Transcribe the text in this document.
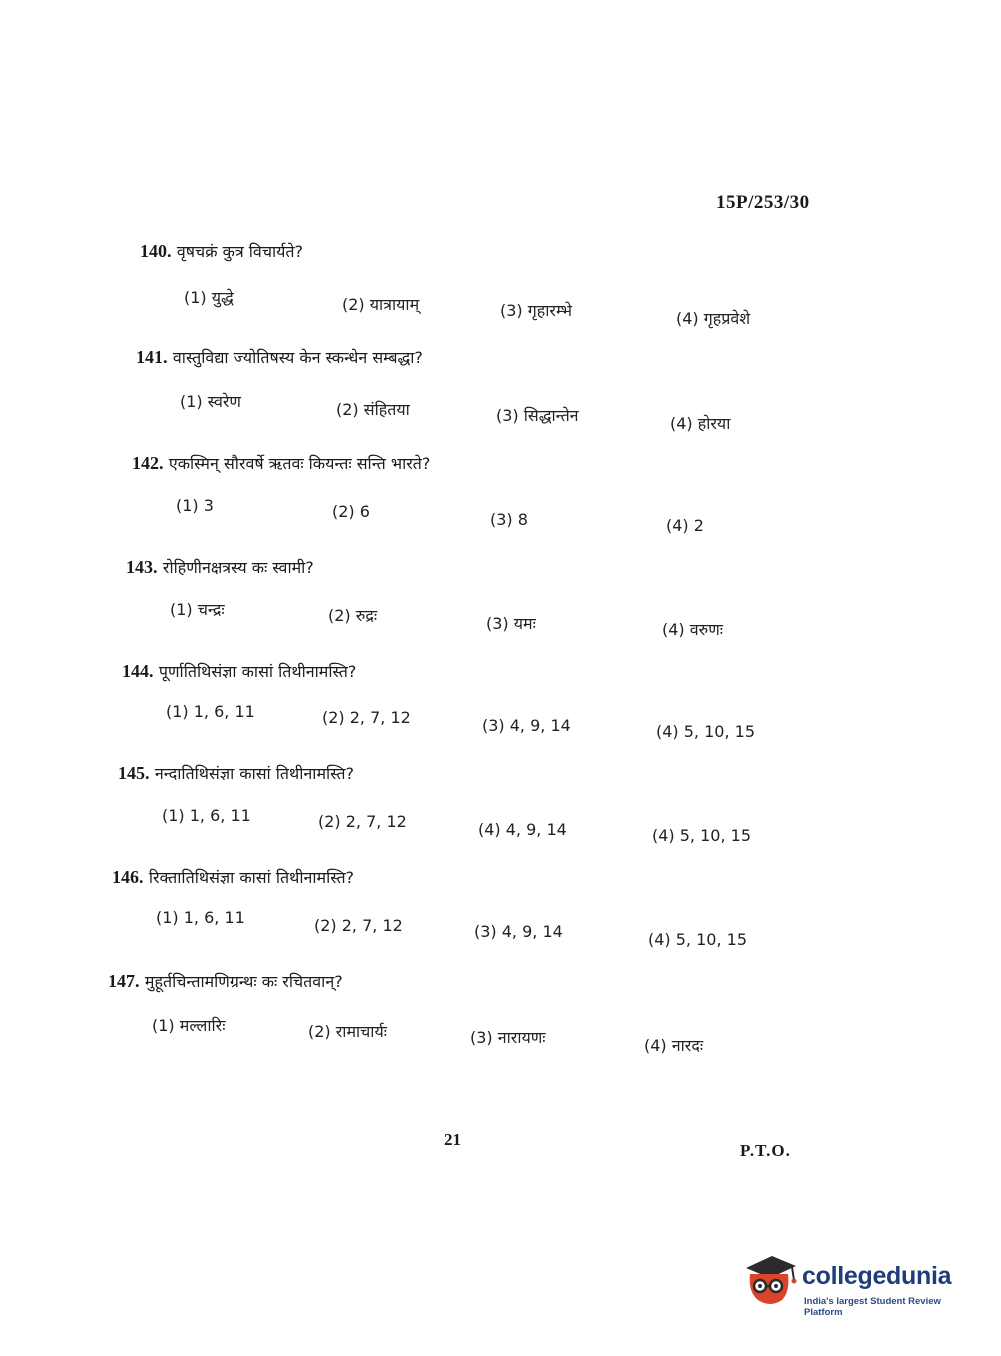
15P/253/30
140. वृषचक्रं कुत्र विचार्यते?
(1) युद्धे	(2) यात्रायाम्	(3) गृहारम्भे	(4) गृहप्रवेशे
141. वास्तुविद्या ज्योतिषस्य केन स्कन्धेन सम्बद्धा?
(1) स्वरेण	(2) संहितया	(3) सिद्धान्तेन	(4) होरया
142. एकस्मिन् सौरवर्षे ऋतवः कियन्तः सन्ति भारते?
(1) 3	(2) 6	(3) 8	(4) 2
143. रोहिणीनक्षत्रस्य कः स्वामी?
(1) चन्द्रः	(2) रुद्रः	(3) यमः	(4) वरुणः
144. पूर्णातिथिसंज्ञा कासां तिथीनामस्ति?
(1) 1, 6, 11	(2) 2, 7, 12	(3) 4, 9, 14	(4) 5, 10, 15
145. नन्दातिथिसंज्ञा कासां तिथीनामस्ति?
(1) 1, 6, 11	(2) 2, 7, 12	(4) 4, 9, 14	(4) 5, 10, 15
146. रिक्तातिथिसंज्ञा कासां तिथीनामस्ति?
(1) 1, 6, 11	(2) 2, 7, 12	(3) 4, 9, 14	(4) 5, 10, 15
147. मुहूर्तचिन्तामणिग्रन्थः कः रचितवान्?
(1) मल्लारिः	(2) रामाचार्यः	(3) नारायणः	(4) नारदः
21
P.T.O.
collegedunia
India's largest Student Review Platform
